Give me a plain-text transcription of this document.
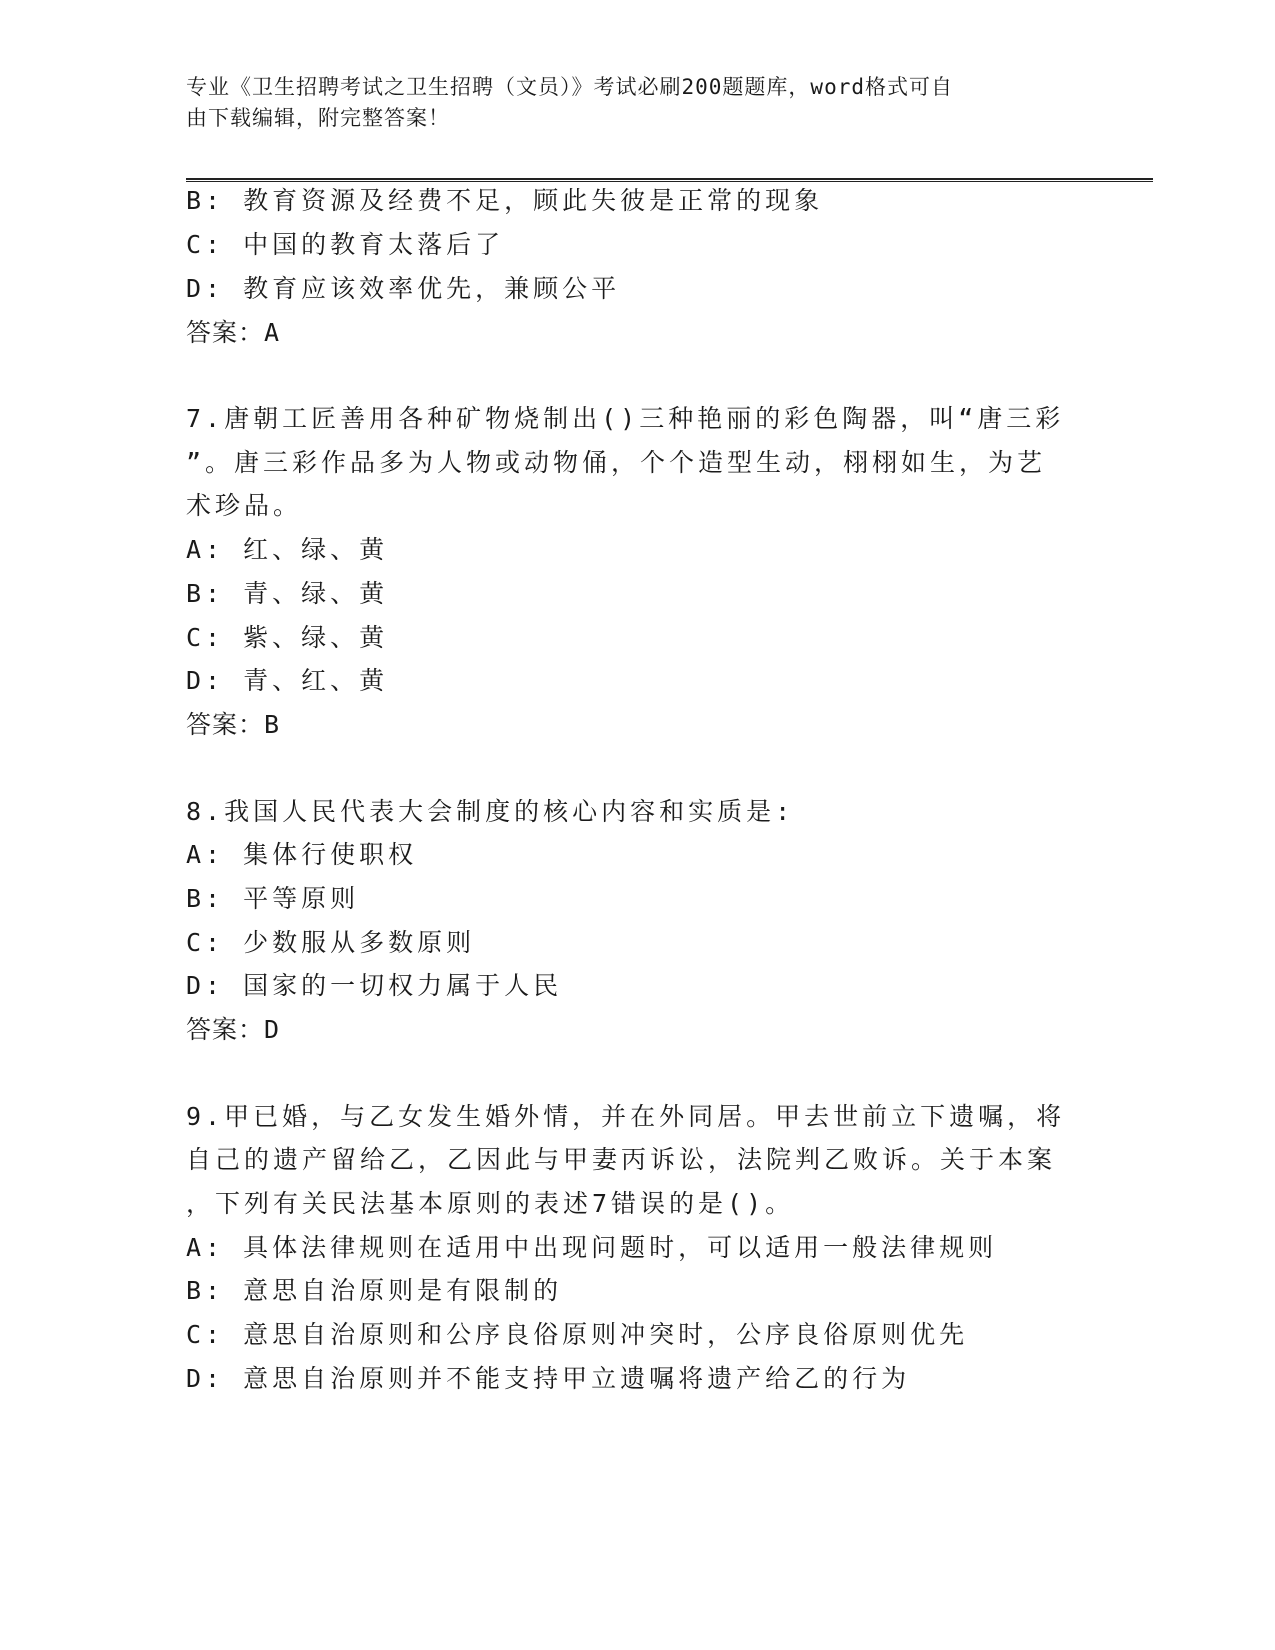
专业《卫生招聘考试之卫生招聘（文员）》考试必刷200题题库，word格式可自
由下载编辑，附完整答案！

B: 教育资源及经费不足，顾此失彼是正常的现象

C: 中国的教育太落后了

D: 教育应该效率优先，兼顾公平

答案：A

7.唐朝工匠善用各种矿物烧制出()三种艳丽的彩色陶器，叫“唐三彩

”。唐三彩作品多为人物或动物俑，个个造型生动，栩栩如生，为艺

术珍品。

A: 红、绿、黄

B: 青、绿、黄

C: 紫、绿、黄

D: 青、红、黄

答案：B

8.我国人民代表大会制度的核心内容和实质是:

A: 集体行使职权

B: 平等原则

C: 少数服从多数原则

D: 国家的一切权力属于人民

答案：D

9.甲已婚，与乙女发生婚外情，并在外同居。甲去世前立下遗嘱，将

自己的遗产留给乙，乙因此与甲妻丙诉讼，法院判乙败诉。关于本案

，下列有关民法基本原则的表述7错误的是()。

A: 具体法律规则在适用中出现问题时，可以适用一般法律规则

B: 意思自治原则是有限制的

C: 意思自治原则和公序良俗原则冲突时，公序良俗原则优先

D: 意思自治原则并不能支持甲立遗嘱将遗产给乙的行为
